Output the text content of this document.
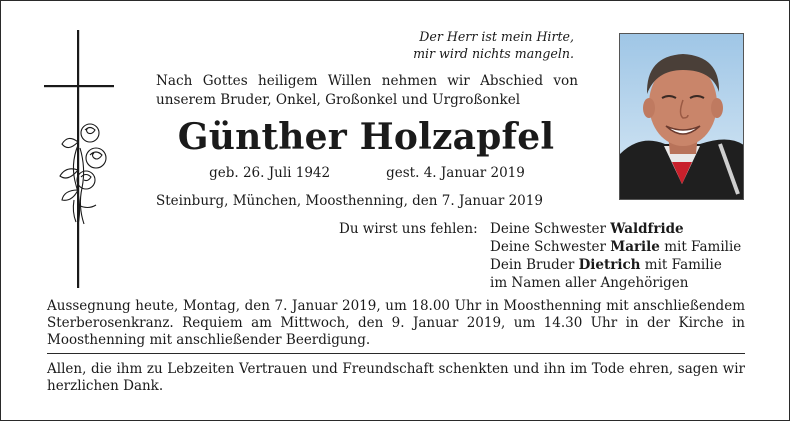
Der Herr ist mein Hirte,
mir wird nichts mangeln.
Nach Gottes heiligem Willen nehmen wir Abschied von unserem Bruder, Onkel, Großonkel und Urgroßonkel
Günther Holzapfel
geb. 26. Juli 1942	gest. 4. Januar 2019
Steinburg, München, Moosthenning, den 7. Januar 2019
Du wirst uns fehlen: Deine Schwester Waldfride
Deine Schwester Marile mit Familie
Dein Bruder Dietrich mit Familie
im Namen aller Angehörigen
Aussegnung heute, Montag, den 7. Januar 2019, um 18.00 Uhr in Moosthenning mit anschließendem Sterberosenkranz. Requiem am Mittwoch, den 9. Januar 2019, um 14.30 Uhr in der Kirche in Moosthenning mit anschließender Beerdigung.
Allen, die ihm zu Lebzeiten Vertrauen und Freundschaft schenkten und ihn im Tode ehren, sagen wir herzlichen Dank.
